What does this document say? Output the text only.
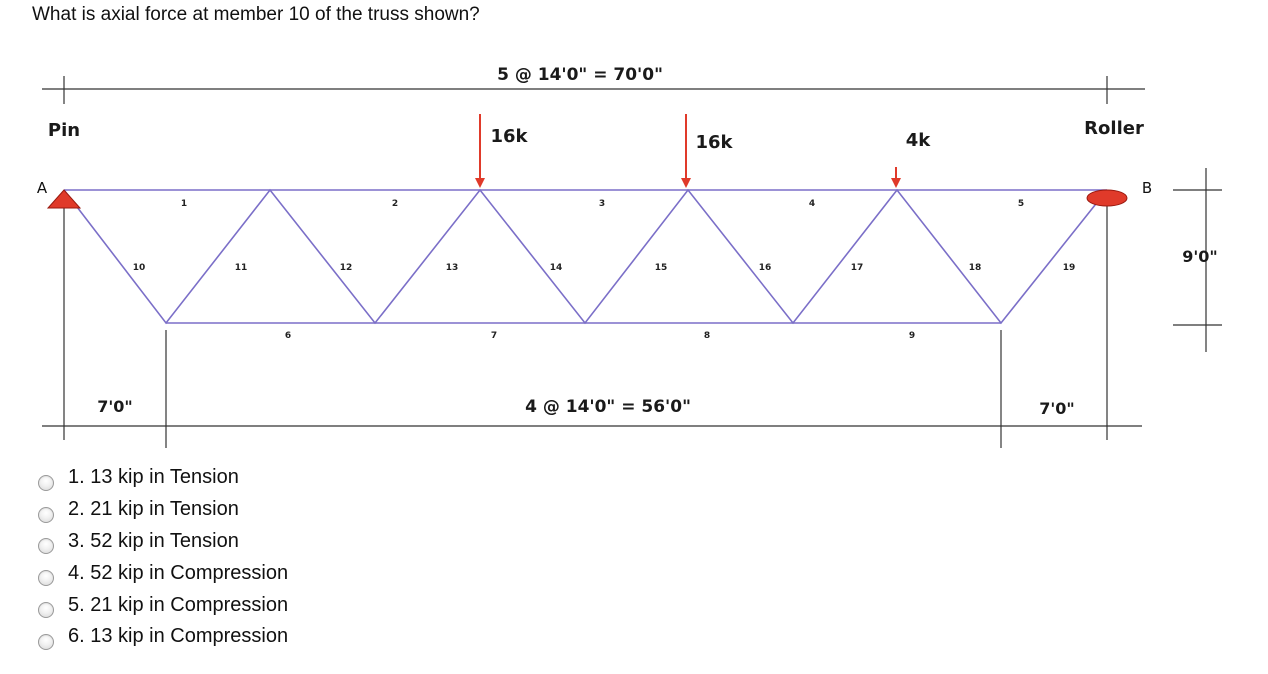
What is axial force at member 10 of the truss shown?
5 @ 14'0" = 70'0"
9'0"
7'0"	4 @ 14'0" = 56'0"	7'0"
1	2	3	4	5
6	7	8	9
10	11	12	13	14	15	16	17	18	19
Pin	Roller
A	B
16k	16k	4k
1. 13 kip in Tension
2. 21 kip in Tension
3. 52 kip in Tension
4. 52 kip in Compression
5. 21 kip in Compression
6. 13 kip in Compression
